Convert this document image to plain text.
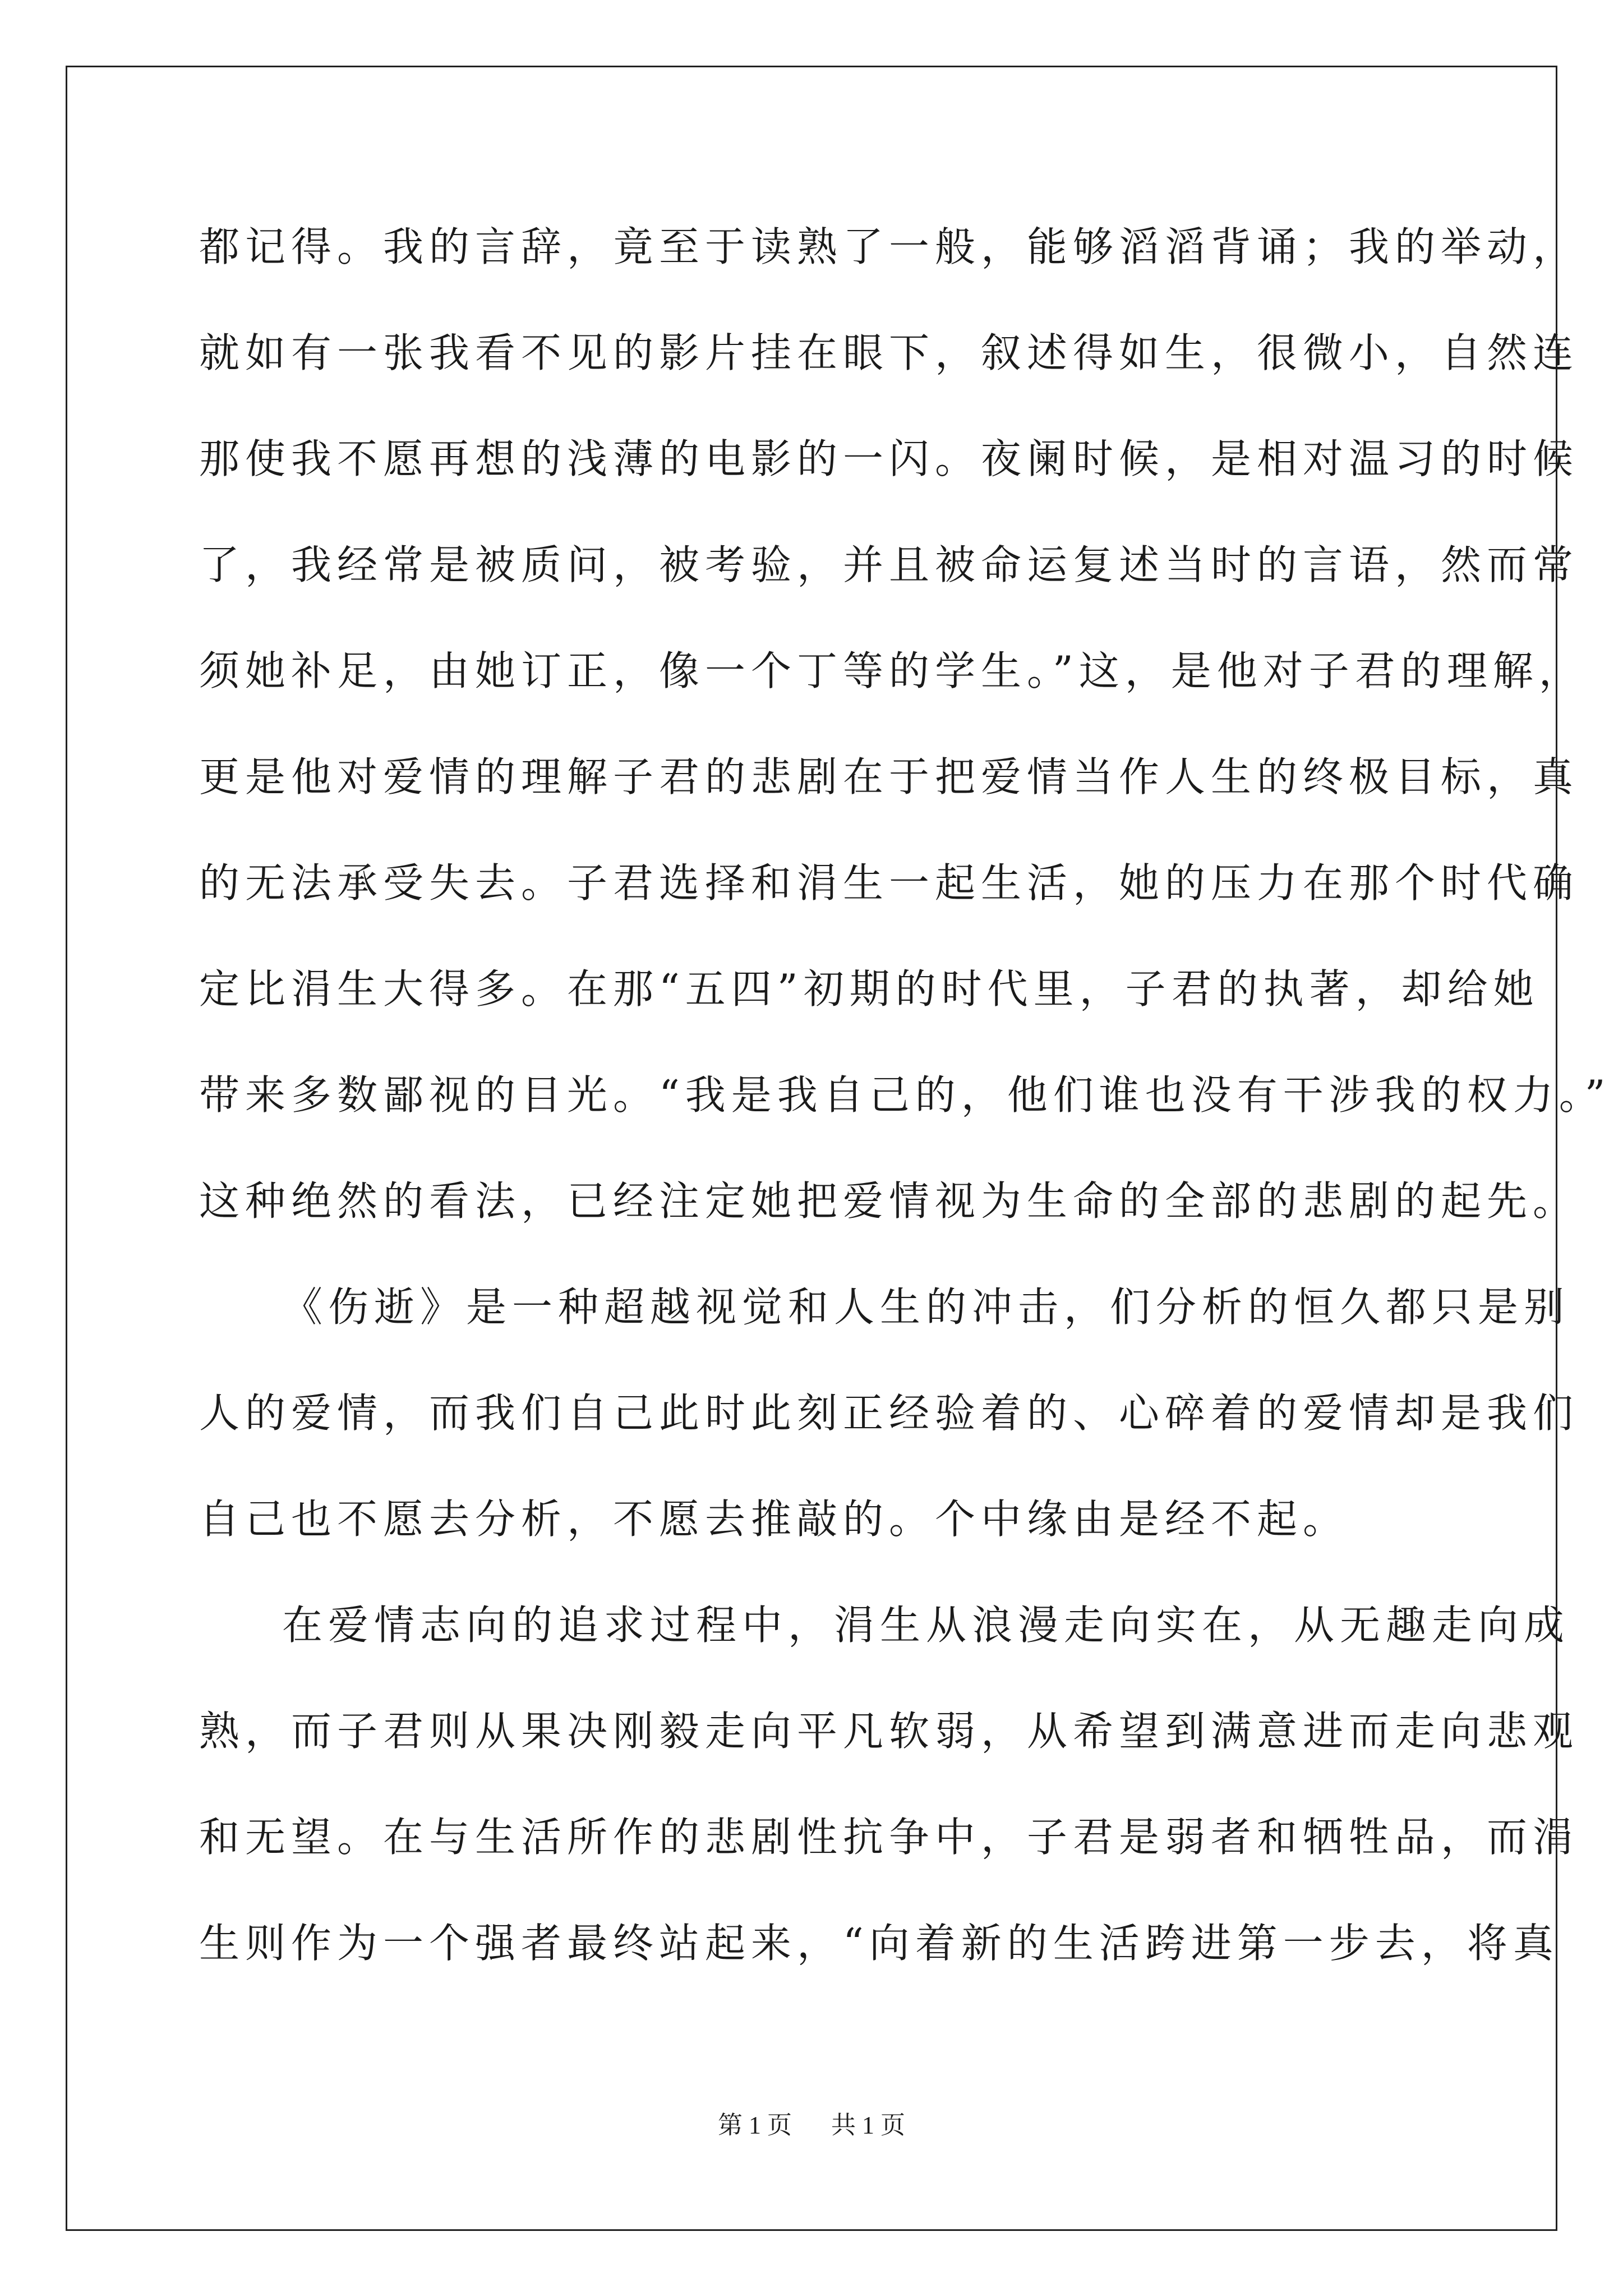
都记得。我的言辞，竟至于读熟了一般，能够滔滔背诵；我的举动，
就如有一张我看不见的影片挂在眼下，叙述得如生，很微小，自然连
那使我不愿再想的浅薄的电影的一闪。夜阑时候，是相对温习的时候
了，我经常是被质问，被考验，并且被命运复述当时的言语，然而常
须她补足，由她订正，像一个丁等的学生。”这，是他对子君的理解，
更是他对爱情的理解子君的悲剧在于把爱情当作人生的终极目标，真
的无法承受失去。子君选择和涓生一起生活，她的压力在那个时代确
定比涓生大得多。在那“五四”初期的时代里，子君的执著，却给她
带来多数鄙视的目光。“我是我自己的，他们谁也没有干涉我的权力。”
这种绝然的看法，已经注定她把爱情视为生命的全部的悲剧的起先。
《伤逝》是一种超越视觉和人生的冲击，们分析的恒久都只是别
人的爱情，而我们自己此时此刻正经验着的、心碎着的爱情却是我们
自己也不愿去分析，不愿去推敲的。个中缘由是经不起。
在爱情志向的追求过程中，涓生从浪漫走向实在，从无趣走向成
熟，而子君则从果决刚毅走向平凡软弱，从希望到满意进而走向悲观
和无望。在与生活所作的悲剧性抗争中，子君是弱者和牺牲品，而涓
生则作为一个强者最终站起来，“向着新的生活跨进第一步去，将真
第 1 页 共 1 页
